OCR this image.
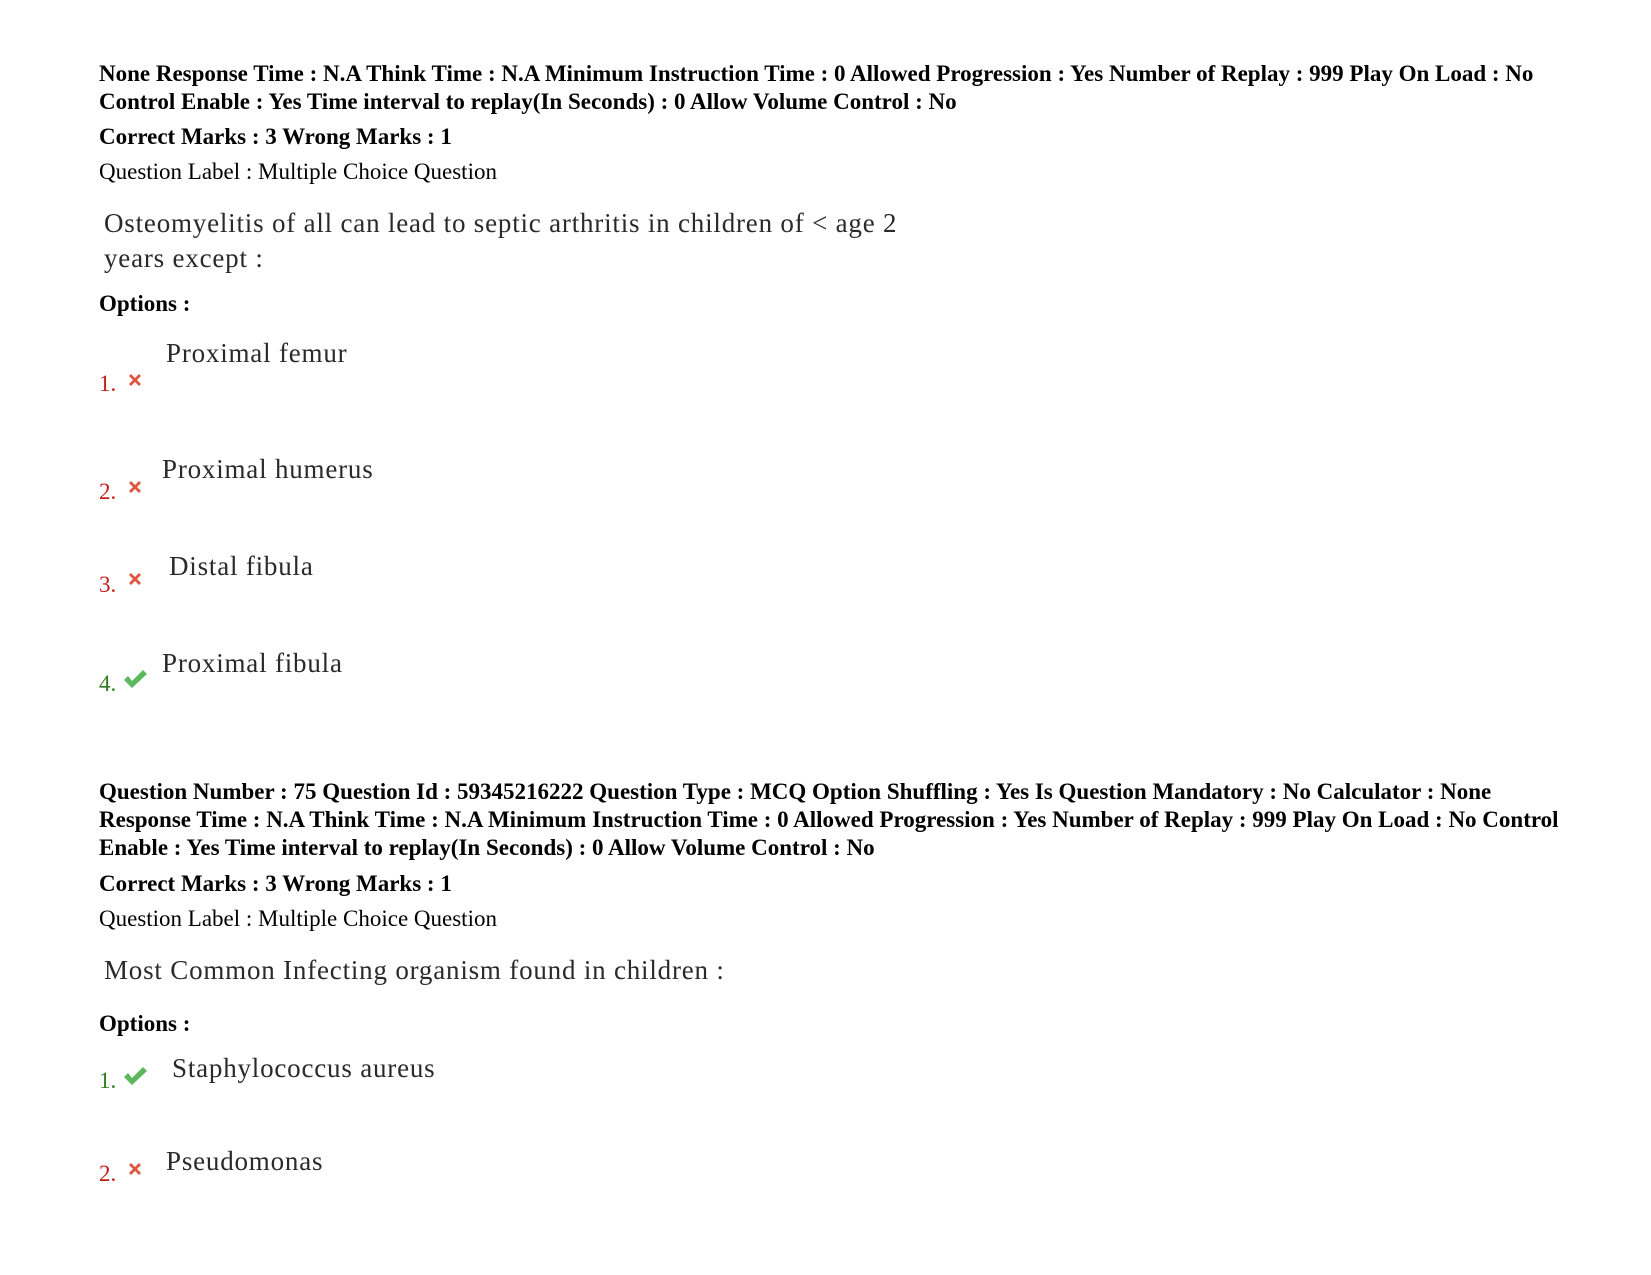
None Response Time : N.A Think Time : N.A Minimum Instruction Time : 0 Allowed Progression : Yes Number of Replay : 999 Play On Load : No Control Enable : Yes Time interval to replay(In Seconds) : 0 Allow Volume Control : No

Correct Marks : 3 Wrong Marks : 1

Question Label : Multiple Choice Question

Osteomyelitis of all can lead to septic arthritis in children of < age 2
years except :

Options :

1.
Proximal femur
2.
Proximal humerus
3.
Distal fibula
4.
Proximal fibula

Question Number : 75 Question Id : 59345216222 Question Type : MCQ Option Shuffling : Yes Is Question Mandatory : No Calculator : None Response Time : N.A Think Time : N.A Minimum Instruction Time : 0 Allowed Progression : Yes Number of Replay : 999 Play On Load : No Control Enable : Yes Time interval to replay(In Seconds) : 0 Allow Volume Control : No

Correct Marks : 3 Wrong Marks : 1

Question Label : Multiple Choice Question

Most Common Infecting organism found in children :

Options :

1. Staphylococcus aureus
2. Pseudomonas
